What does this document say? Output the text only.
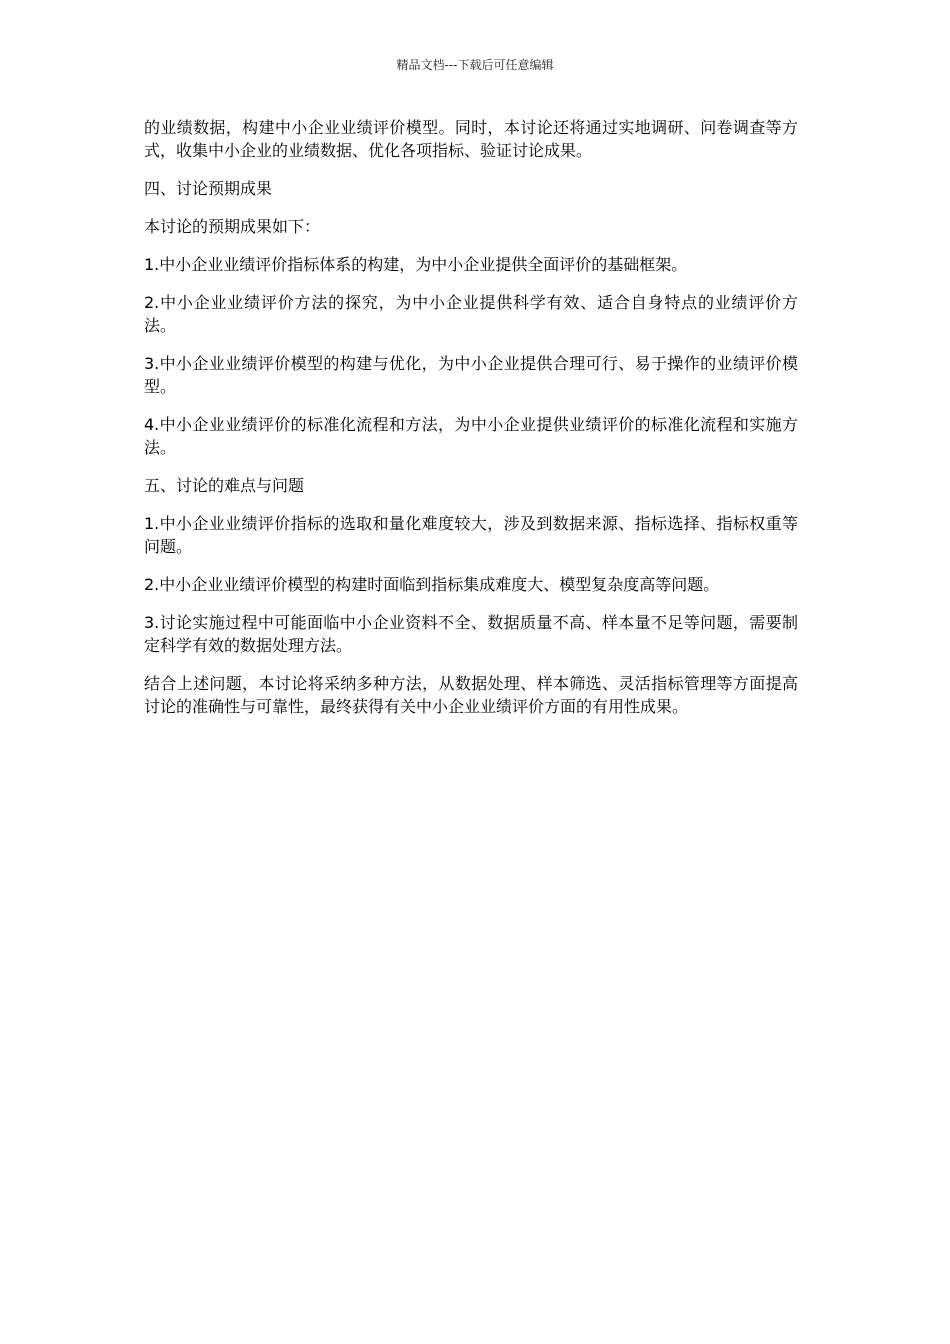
精品文档---下载后可任意编辑

的业绩数据，构建中小企业业绩评价模型。同时，本讨论还将通过实地调研、问卷调查等方式，收集中小企业的业绩数据、优化各项指标、验证讨论成果。

四、讨论预期成果

本讨论的预期成果如下：

1.中小企业业绩评价指标体系的构建，为中小企业提供全面评价的基础框架。

2.中小企业业绩评价方法的探究，为中小企业提供科学有效、适合自身特点的业绩评价方法。

3.中小企业业绩评价模型的构建与优化，为中小企业提供合理可行、易于操作的业绩评价模型。

4.中小企业业绩评价的标准化流程和方法，为中小企业提供业绩评价的标准化流程和实施方法。

五、讨论的难点与问题

1.中小企业业绩评价指标的选取和量化难度较大，涉及到数据来源、指标选择、指标权重等问题。

2.中小企业业绩评价模型的构建时面临到指标集成难度大、模型复杂度高等问题。

3.讨论实施过程中可能面临中小企业资料不全、数据质量不高、样本量不足等问题，需要制定科学有效的数据处理方法。

结合上述问题，本讨论将采纳多种方法，从数据处理、样本筛选、灵活指标管理等方面提高讨论的准确性与可靠性，最终获得有关中小企业业绩评价方面的有用性成果。
